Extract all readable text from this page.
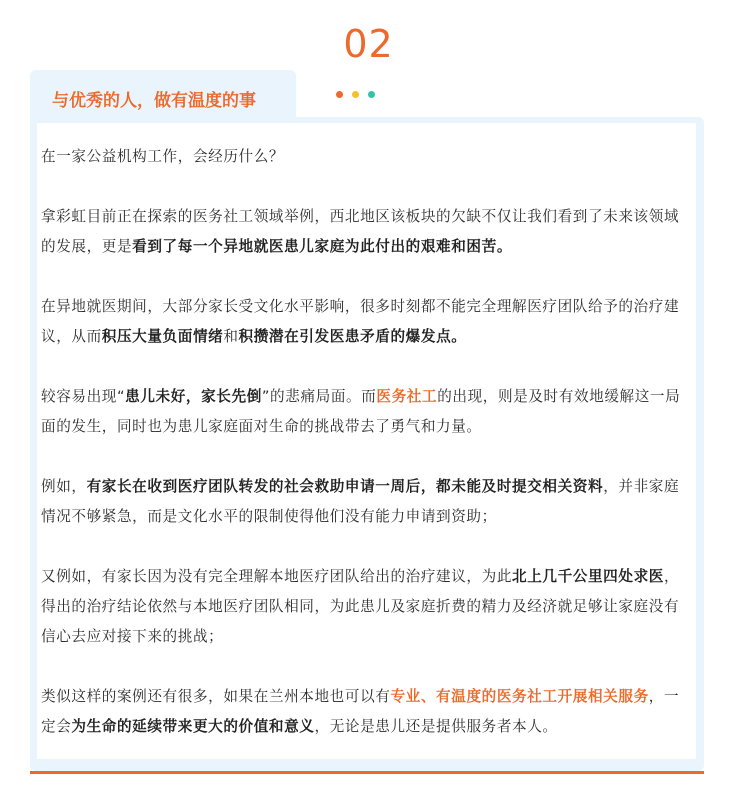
02
与优秀的人，做有温度的事

在一家公益机构工作，会经历什么？

拿彩虹目前正在探索的医务社工领域举例，西北地区该板块的欠缺不仅让我们看到了未来该领域的发展，更是看到了每一个异地就医患儿家庭为此付出的艰难和困苦。

在异地就医期间，大部分家长受文化水平影响，很多时刻都不能完全理解医疗团队给予的治疗建议，从而积压大量负面情绪和积攒潜在引发医患矛盾的爆发点。

较容易出现“患儿未好，家长先倒”的悲痛局面。而医务社工的出现，则是及时有效地缓解这一局面的发生，同时也为患儿家庭面对生命的挑战带去了勇气和力量。

例如，有家长在收到医疗团队转发的社会救助申请一周后，都未能及时提交相关资料，并非家庭情况不够紧急，而是文化水平的限制使得他们没有能力申请到资助；

又例如，有家长因为没有完全理解本地医疗团队给出的治疗建议，为此北上几千公里四处求医，得出的治疗结论依然与本地医疗团队相同，为此患儿及家庭折费的精力及经济就足够让家庭没有信心去应对接下来的挑战；

类似这样的案例还有很多，如果在兰州本地也可以有专业、有温度的医务社工开展相关服务，一定会为生命的延续带来更大的价值和意义，无论是患儿还是提供服务者本人。
